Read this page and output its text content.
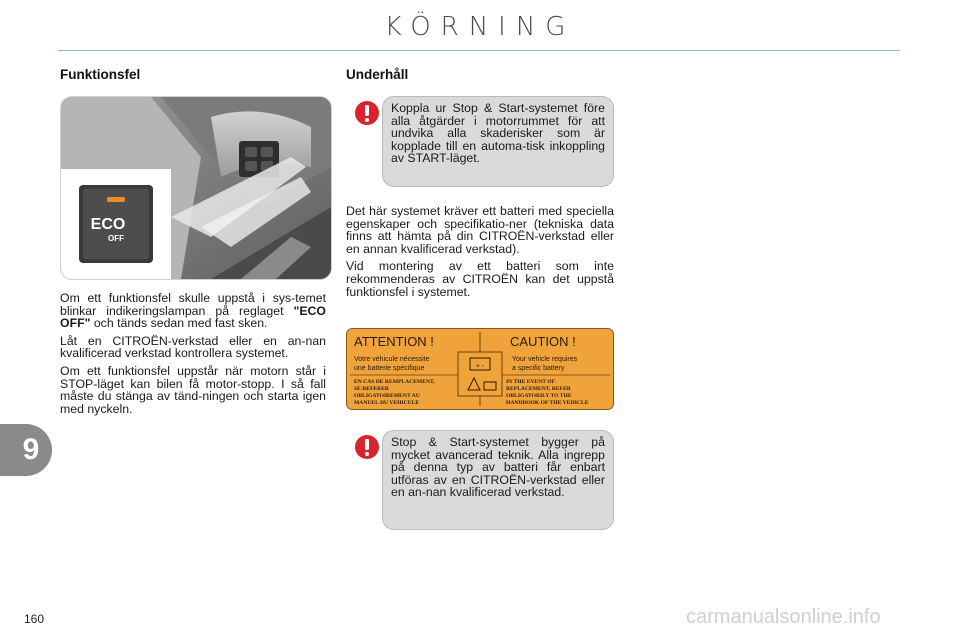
KÖRNING
9
Funktionsfel
ECO
OFF

Om ett funktionsfel skulle uppstå i sys-temet blinkar indikeringslampan på reglaget "ECO OFF" och tänds sedan med fast sken.

Låt en CITROËN-verkstad eller en an-nan kvalificerad verkstad kontrollera systemet.

Om ett funktionsfel uppstår när motorn står i STOP-läget kan bilen få motor-stopp. I så fall måste du stänga av tänd-ningen och starta igen med nyckeln.

Underhåll
Koppla ur Stop & Start-systemet före alla åtgärder i motorrummet för att undvika alla skaderisker som är kopplade till en automa-tisk inkoppling av START-läget.

Det här systemet kräver ett batteri med speciella egenskaper och specifikatio-ner (tekniska data finns att hämta på din CITROËN-verkstad eller en annan kvalificerad verkstad).

Vid montering av ett batteri som inte rekommenderas av CITROËN kan det uppstå funktionsfel i systemet.

ATTENTION !	CAUTION !
Votre véhicule nécessite
une batterie spécifique
Your vehicle requires
a specific battery
+ -
EN CAS DE REMPLACEMENT,
SE REFERER
OBLIGATOIREMENT AU
MANUEL DU VEHICULE
IN THE EVENT OF
REPLACEMENT, REFER
OBLIGATORILY TO THE
HANDBOOK OF THE VEHICLE
Stop & Start-systemet bygger på mycket avancerad teknik. Alla ingrepp på denna typ av batteri får enbart utföras av en CITROËN-verkstad eller en an-nan kvalificerad verkstad.
160	carmanualsonline.info
